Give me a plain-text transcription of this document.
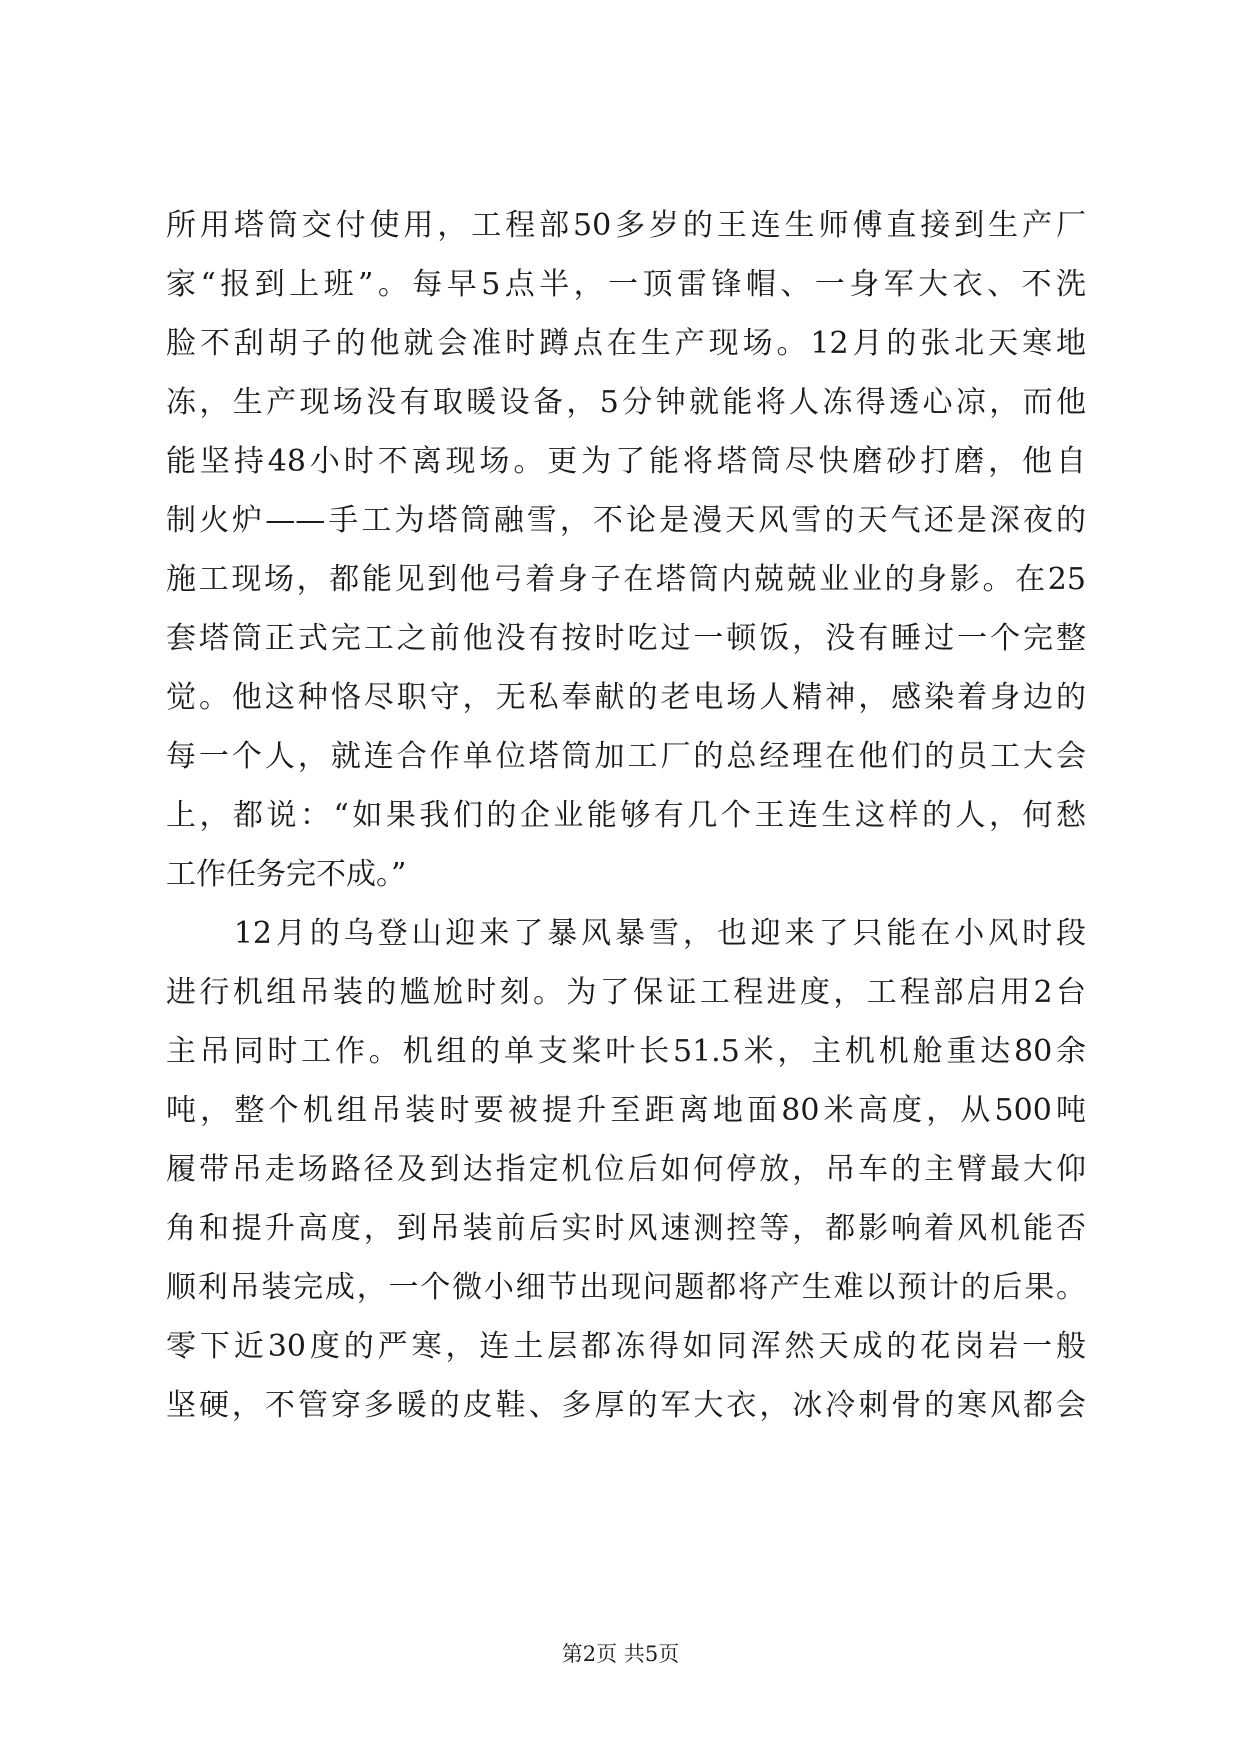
所用塔筒交付使用，工程部50多岁的王连生师傅直接到生产厂
家“报到上班”。每早5点半，一顶雷锋帽、一身军大衣、不洗
脸不刮胡子的他就会准时蹲点在生产现场。12月的张北天寒地
冻，生产现场没有取暖设备，5分钟就能将人冻得透心凉，而他
能坚持48小时不离现场。更为了能将塔筒尽快磨砂打磨，他自
制火炉——手工为塔筒融雪，不论是漫天风雪的天气还是深夜的
施工现场，都能见到他弓着身子在塔筒内兢兢业业的身影。在25
套塔筒正式完工之前他没有按时吃过一顿饭，没有睡过一个完整
觉。他这种恪尽职守，无私奉献的老电场人精神，感染着身边的
每一个人，就连合作单位塔筒加工厂的总经理在他们的员工大会
上，都说：“如果我们的企业能够有几个王连生这样的人，何愁
工作任务完不成。”
　　12月的乌登山迎来了暴风暴雪，也迎来了只能在小风时段
进行机组吊装的尴尬时刻。为了保证工程进度，工程部启用2台
主吊同时工作。机组的单支桨叶长51.5米，主机机舱重达80余
吨，整个机组吊装时要被提升至距离地面80米高度，从500吨
履带吊走场路径及到达指定机位后如何停放，吊车的主臂最大仰
角和提升高度，到吊装前后实时风速测控等，都影响着风机能否
顺利吊装完成，一个微小细节出现问题都将产生难以预计的后果。
零下近30度的严寒，连土层都冻得如同浑然天成的花岗岩一般
坚硬，不管穿多暖的皮鞋、多厚的军大衣，冰冷刺骨的寒风都会
第2页 共5页
